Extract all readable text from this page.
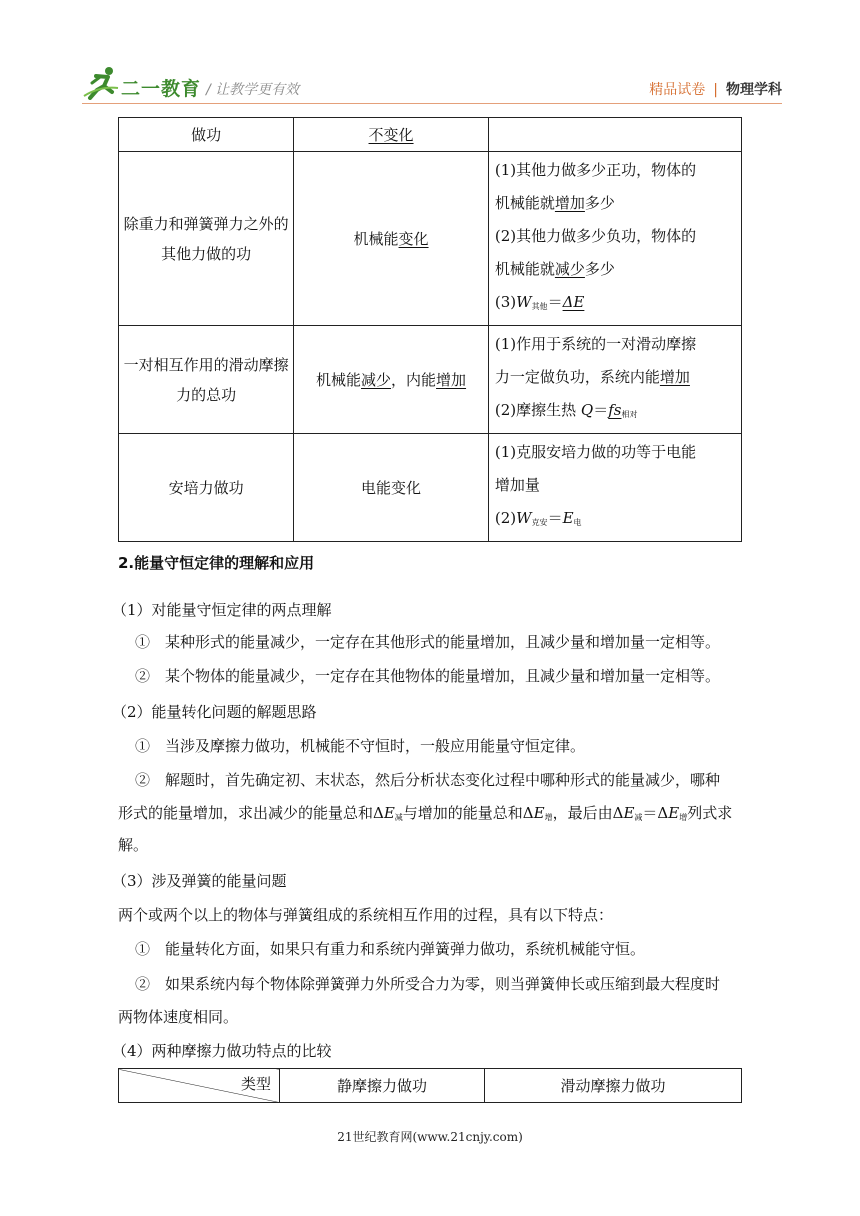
二一教育 / 让教学更有效	精品试卷 | 物理学科
做功	不变化	
除重力和弹簧弹力之外的其他力做的功	机械能变化	(1)其他力做多少正功，物体的
机械能就增加多少
(2)其他力做多少负功，物体的
机械能就减少多少
$(3)W_{其他}=\Delta E$

一对相互作用的滑动摩擦力的总功	机械能减少，内能增加	(1)作用于系统的一对滑动摩擦
力一定做负功，系统内能增加
(2)摩擦生热 $Q=fs_{相对}$

安培力做功	电能变化	(1)克服安培力做的功等于电能
增加量
$(2)W_{克安}=E_电$
2.能量守恒定律的理解和应用
（1）对能量守恒定律的两点理解
①　某种形式的能量减少，一定存在其他形式的能量增加，且减少量和增加量一定相等。
②　某个物体的能量减少，一定存在其他物体的能量增加，且减少量和增加量一定相等。
（2）能量转化问题的解题思路
①　当涉及摩擦力做功，机械能不守恒时，一般应用能量守恒定律。
②　解题时，首先确定初、末状态，然后分析状态变化过程中哪种形式的能量减少，哪种
形式的能量增加，求出减少的能量总和$\Delta E_减$与增加的能量总和$\Delta E_增$，最后由$\Delta E_减=\Delta E_增$列式求
解。
（3）涉及弹簧的能量问题
两个或两个以上的物体与弹簧组成的系统相互作用的过程，具有以下特点：
①　能量转化方面，如果只有重力和系统内弹簧弹力做功，系统机械能守恒。
②　如果系统内每个物体除弹簧弹力外所受合力为零，则当弹簧伸长或压缩到最大程度时
两物体速度相同。
（4）两种摩擦力做功特点的比较
类型	静摩擦力做功	滑动摩擦力做功
21世纪教育网(www.21cnjy.com)
